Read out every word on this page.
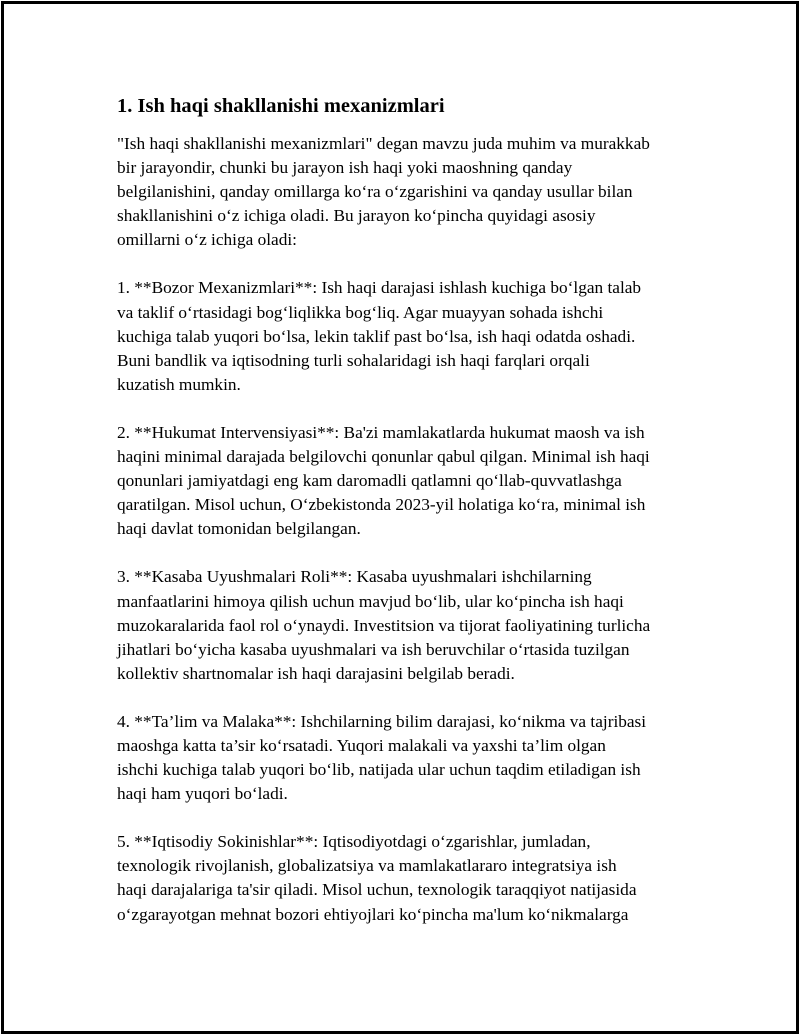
1. Ish haqi shakllanishi mexanizmlari
"Ish haqi shakllanishi mexanizmlari" degan mavzu juda muhim va murakkab
bir jarayondir, chunki bu jarayon ish haqi yoki maoshning qanday
belgilanishini, qanday omillarga ko‘ra o‘zgarishini va qanday usullar bilan
shakllanishini o‘z ichiga oladi. Bu jarayon ko‘pincha quyidagi asosiy
omillarni o‘z ichiga oladi:
1. **Bozor Mexanizmlari**: Ish haqi darajasi ishlash kuchiga bo‘lgan talab
va taklif o‘rtasidagi bog‘liqlikka bog‘liq. Agar muayyan sohada ishchi
kuchiga talab yuqori bo‘lsa, lekin taklif past bo‘lsa, ish haqi odatda oshadi.
Buni bandlik va iqtisodning turli sohalaridagi ish haqi farqlari orqali
kuzatish mumkin.
2. **Hukumat Intervensiyasi**: Ba'zi mamlakatlarda hukumat maosh va ish
haqini minimal darajada belgilovchi qonunlar qabul qilgan. Minimal ish haqi
qonunlari jamiyatdagi eng kam daromadli qatlamni qo‘llab-quvvatlashga
qaratilgan. Misol uchun, O‘zbekistonda 2023-yil holatiga ko‘ra, minimal ish
haqi davlat tomonidan belgilangan.
3. **Kasaba Uyushmalari Roli**: Kasaba uyushmalari ishchilarning
manfaatlarini himoya qilish uchun mavjud bo‘lib, ular ko‘pincha ish haqi
muzokaralarida faol rol o‘ynaydi. Investitsion va tijorat faoliyatining turlicha
jihatlari bo‘yicha kasaba uyushmalari va ish beruvchilar o‘rtasida tuzilgan
kollektiv shartnomalar ish haqi darajasini belgilab beradi.
4. **Ta’lim va Malaka**: Ishchilarning bilim darajasi, ko‘nikma va tajribasi
maoshga katta ta’sir ko‘rsatadi. Yuqori malakali va yaxshi ta’lim olgan
ishchi kuchiga talab yuqori bo‘lib, natijada ular uchun taqdim etiladigan ish
haqi ham yuqori bo‘ladi.
5. **Iqtisodiy Sokinishlar**: Iqtisodiyotdagi o‘zgarishlar, jumladan,
texnologik rivojlanish, globalizatsiya va mamlakatlararo integratsiya ish
haqi darajalariga ta'sir qiladi. Misol uchun, texnologik taraqqiyot natijasida
o‘zgarayotgan mehnat bozori ehtiyojlari ko‘pincha ma'lum ko‘nikmalarga
